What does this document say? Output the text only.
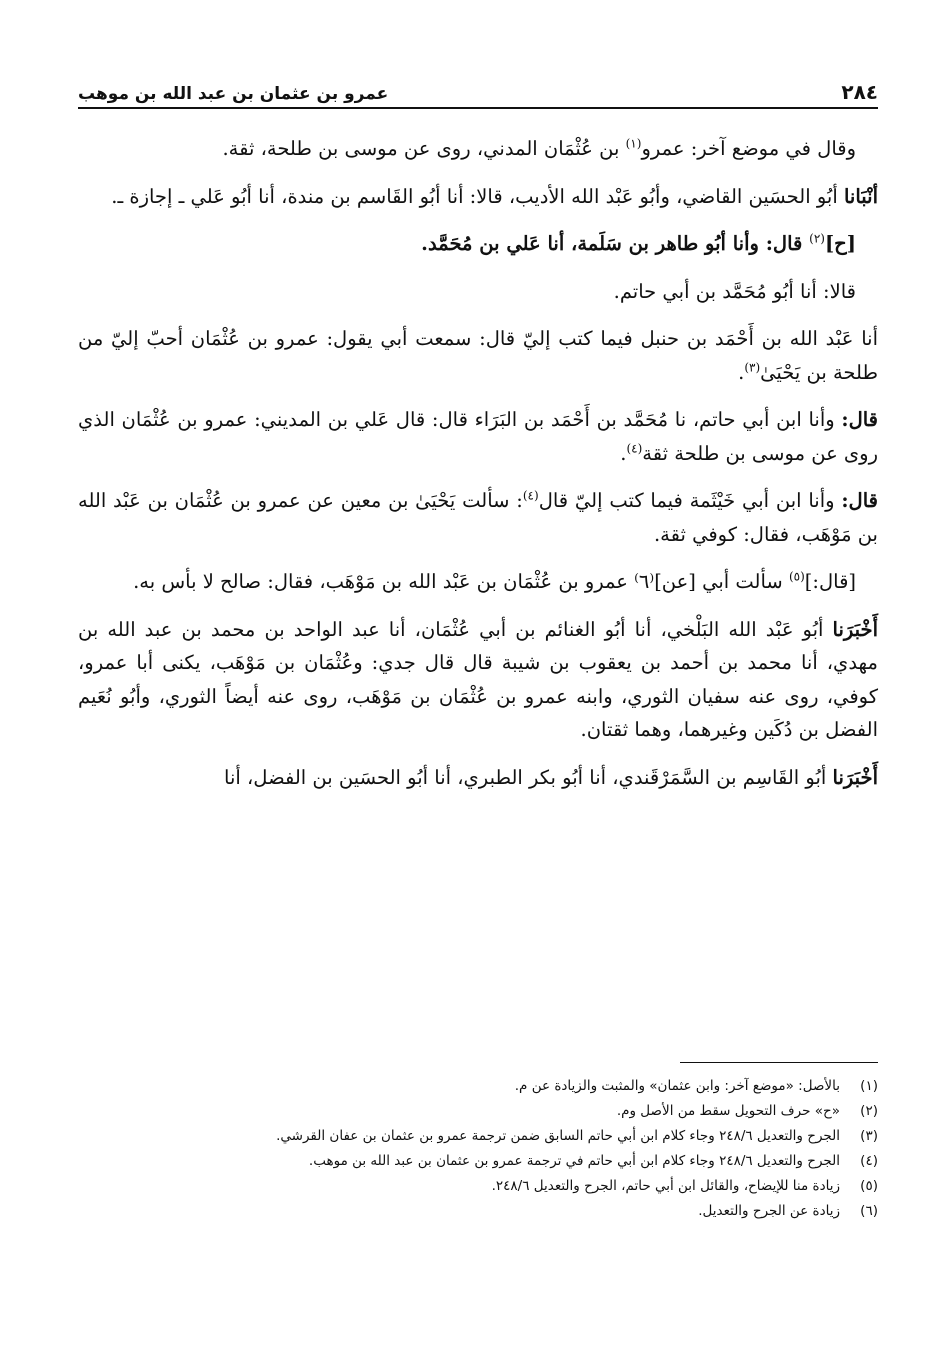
٢٨٤
عمرو بن عثمان بن عبد الله بن موهب

وقال في موضع آخر: عمرو$^{(١)}$ بن عُثْمَان المدني، روى عن موسى بن طلحة، ثقة.

أنْبَانا أبُو الحسَين القاضي، وأبُو عَبْد الله الأديب، قالا: أنا أبُو القَاسم بن مندة، أنا أبُو عَلي ـ إجازة ـ.

[ح]$^{(٢)}$ قال: وأنا أبُو طاهر بن سَلَمة، أنا عَلي بن مُحَمَّد.

قالا: أنا أبُو مُحَمَّد بن أبي حاتم.

أنا عَبْد الله بن أَحْمَد بن حنبل فيما كتب إليّ قال: سمعت أبي يقول: عمرو بن عُثْمَان أحبّ إليّ من طلحة بن يَحْيَىٰ$^{(٣)}$.

قال: وأنا ابن أبي حاتم، نا مُحَمَّد بن أَحْمَد بن البَرَاء قال: قال عَلي بن المديني: عمرو بن عُثْمَان الذي روى عن موسى بن طلحة ثقة$^{(٤)}$.

قال: وأنا ابن أبي خَيْثَمة فيما كتب إليّ قال$^{(٤)}$: سألت يَحْيَىٰ بن معين عن عمرو بن عُثْمَان بن عَبْد الله بن مَوْهَب، فقال: كوفي ثقة.

[قال:]$^{(٥)}$ سألت أبي [عن]⁽٦⁾ عمرو بن عُثْمَان بن عَبْد الله بن مَوْهَب، فقال: صالح لا بأس به.

أَخْبَرَنا أبُو عَبْد الله البَلْخي، أنا أبُو الغنائم بن أبي عُثْمَان، أنا عبد الواحد بن محمد بن عبد الله بن مهدي، أنا محمد بن أحمد بن يعقوب بن شيبة قال قال جدي: وعُثْمَان بن مَوْهَب، يكنى أبا عمرو، كوفي، روى عنه سفيان الثوري، وابنه عمرو بن عُثْمَان بن مَوْهَب، روى عنه أيضاً الثوري، وأبُو نُعَيم الفضل بن دُكَين وغيرهما، وهما ثقتان.

أَخْبَرَنا أبُو القَاسِم بن السَّمَرْقَندي، أنا أبُو بكر الطبري، أنا أبُو الحسَين بن الفضل، أنا

(١)
بالأصل: «موضع آخر: وابن عثمان» والمثبت والزيادة عن م.
(٢)
«ح» حرف التحويل سقط من الأصل وم.
(٣)
الجرح والتعديل ٢٤٨/٦ وجاء كلام ابن أبي حاتم السابق ضمن ترجمة عمرو بن عثمان بن عفان القرشي.
(٤)
الجرح والتعديل ٢٤٨/٦ وجاء كلام ابن أبي حاتم في ترجمة عمرو بن عثمان بن عبد الله بن موهب.
(٥)
زيادة منا للإيضاح، والقائل ابن أبي حاتم، الجرح والتعديل ٢٤٨/٦.
(٦)
زيادة عن الجرح والتعديل.
